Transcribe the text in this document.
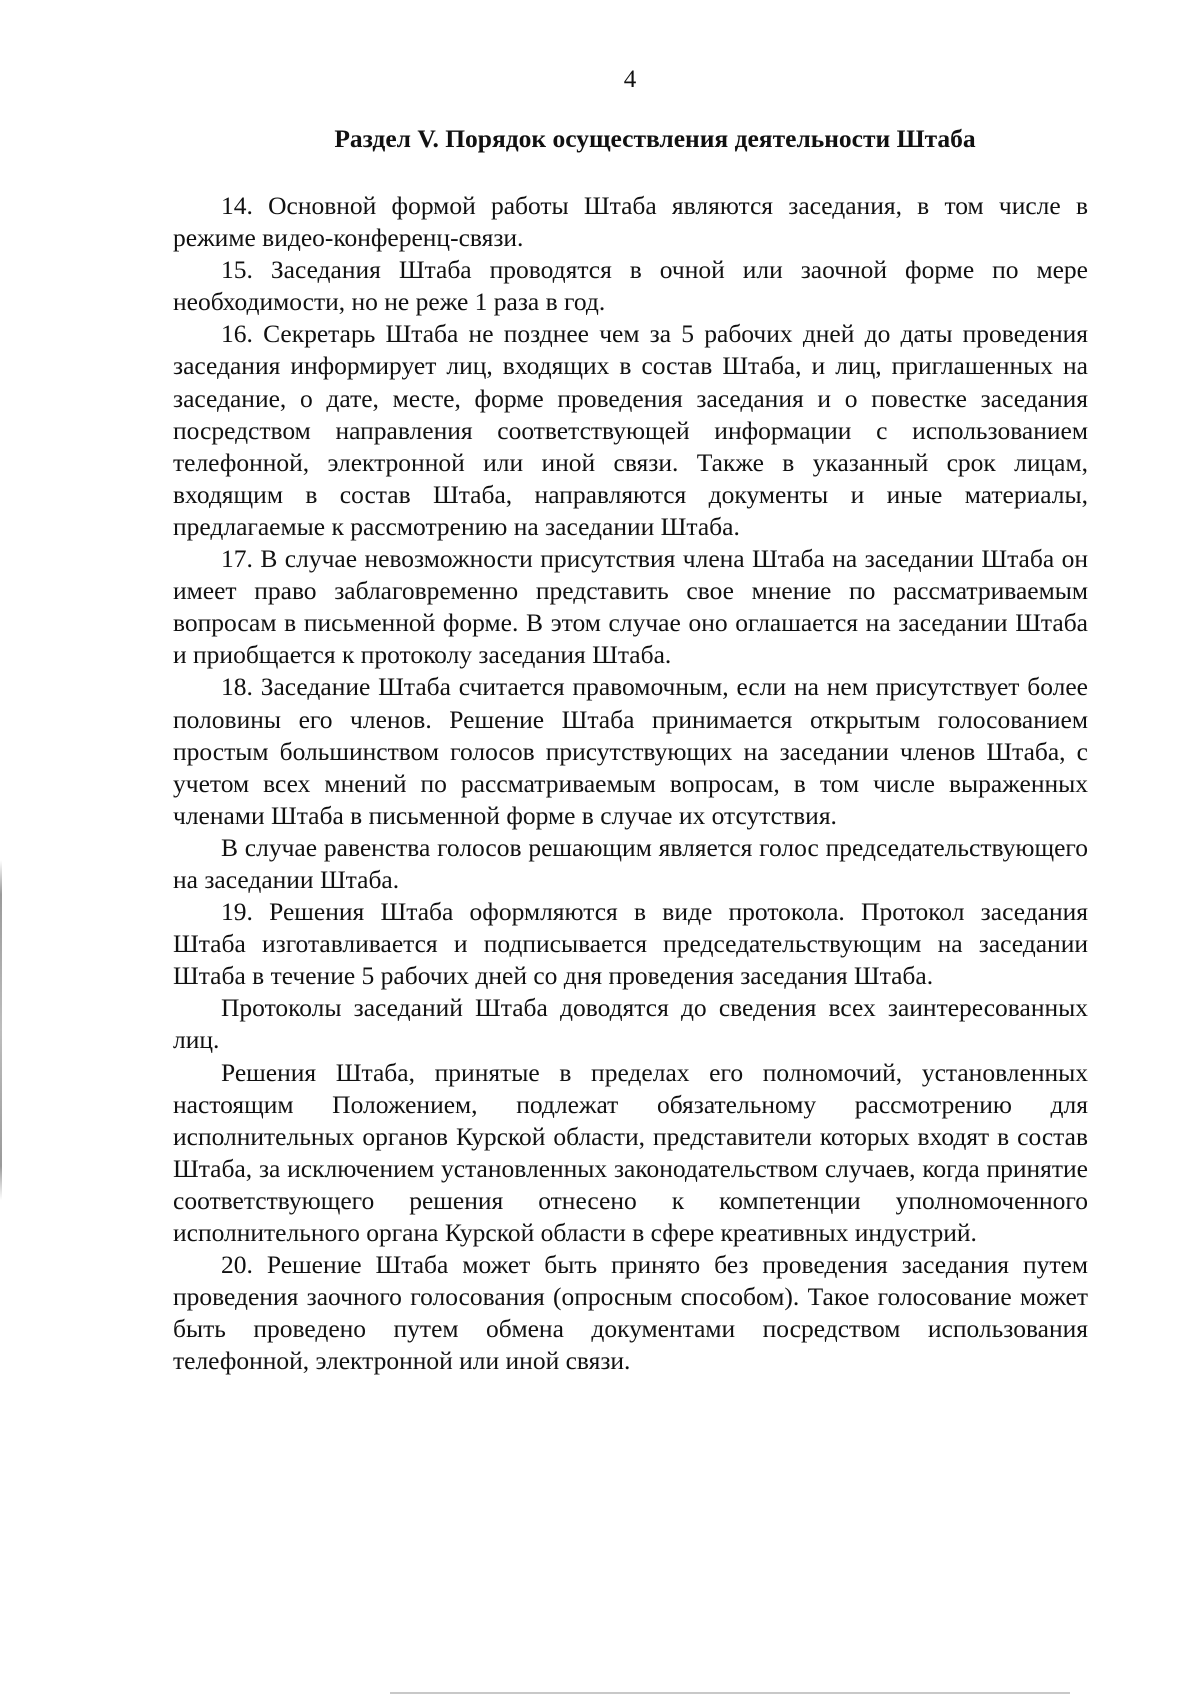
4
Раздел V. Порядок осуществления деятельности Штаба

14. Основной формой работы Штаба являются заседания, в том числе в режиме видео-конференц-связи.

15. Заседания Штаба проводятся в очной или заочной форме по мере необходимости, но не реже 1 раза в год.

16. Секретарь Штаба не позднее чем за 5 рабочих дней до даты проведения заседания информирует лиц, входящих в состав Штаба, и лиц, приглашенных на заседание, о дате, месте, форме проведения заседания и о повестке заседания посредством направления соответствующей информации с использованием телефонной, электронной или иной связи. Также в указанный срок лицам, входящим в состав Штаба, направляются документы и иные материалы, предлагаемые к рассмотрению на заседании Штаба.

17. В случае невозможности присутствия члена Штаба на заседании Штаба он имеет право заблаговременно представить свое мнение по рассматриваемым вопросам в письменной форме. В этом случае оно оглашается на заседании Штаба и приобщается к протоколу заседания Штаба.

18. Заседание Штаба считается правомочным, если на нем присутствует более половины его членов. Решение Штаба принимается открытым голосованием простым большинством голосов присутствующих на заседании членов Штаба, с учетом всех мнений по рассматриваемым вопросам, в том числе выраженных членами Штаба в письменной форме в случае их отсутствия.

В случае равенства голосов решающим является голос председательствующего на заседании Штаба.

19. Решения Штаба оформляются в виде протокола. Протокол заседания Штаба изготавливается и подписывается председательствующим на заседании Штаба в течение 5 рабочих дней со дня проведения заседания Штаба.

Протоколы заседаний Штаба доводятся до сведения всех заинтересованных лиц.

Решения Штаба, принятые в пределах его полномочий, установленных настоящим Положением, подлежат обязательному рассмотрению для исполнительных органов Курской области, представители которых входят в состав Штаба, за исключением установленных законодательством случаев, когда принятие соответствующего решения отнесено к компетенции уполномоченного исполнительного органа Курской области в сфере креативных индустрий.

20. Решение Штаба может быть принято без проведения заседания путем проведения заочного голосования (опросным способом). Такое голосование может быть проведено путем обмена документами посредством использования телефонной, электронной или иной связи.
